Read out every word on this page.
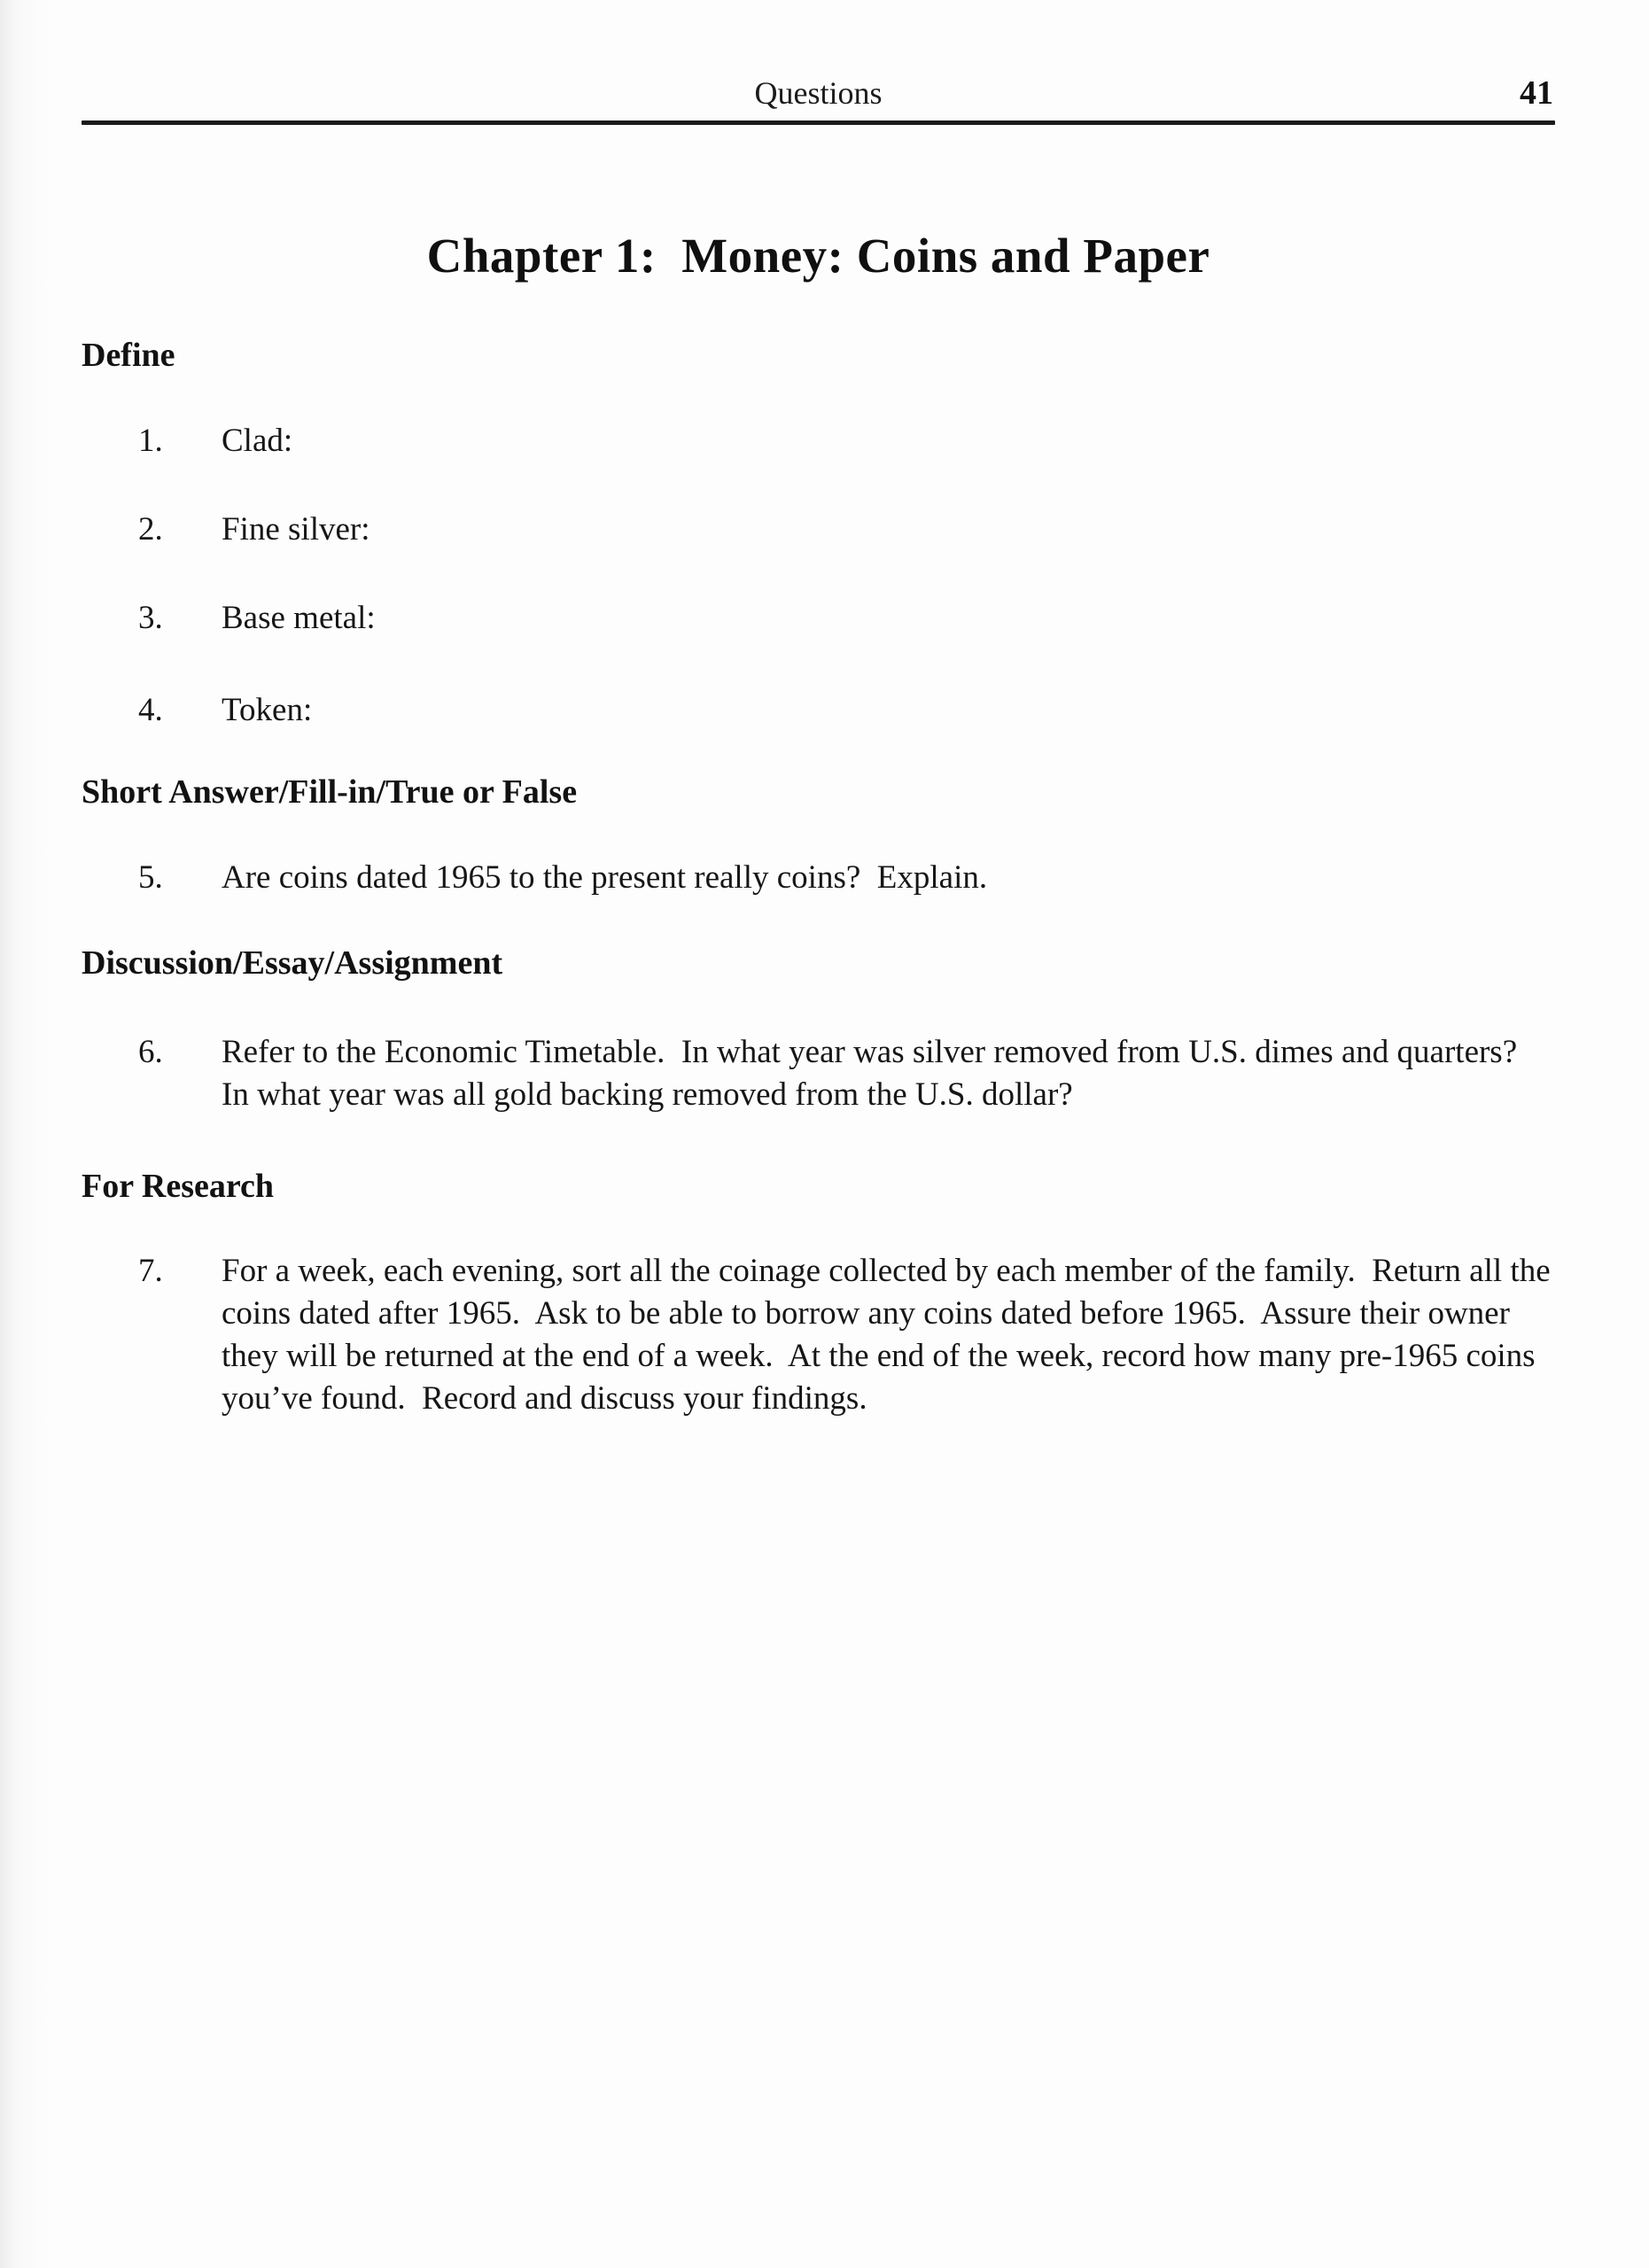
Questions	41
Chapter 1:  Money: Coins and Paper
Define
1.	Clad:
2.	Fine silver:
3.	Base metal:
4.	Token:
Short Answer/Fill-in/True or False
5.	Are coins dated 1965 to the present really coins?  Explain.
Discussion/Essay/Assignment
6.	Refer to the Economic Timetable.  In what year was silver removed from U.S. dimes and quarters?  In what year was all gold backing removed from the U.S. dollar?
For Research
7.	For a week, each evening, sort all the coinage collected by each member of the family.  Return all the coins dated after 1965.  Ask to be able to borrow any coins dated before 1965.  Assure their owner they will be returned at the end of a week.  At the end of the week, record how many pre-1965 coins you’ve found.  Record and discuss your findings.
